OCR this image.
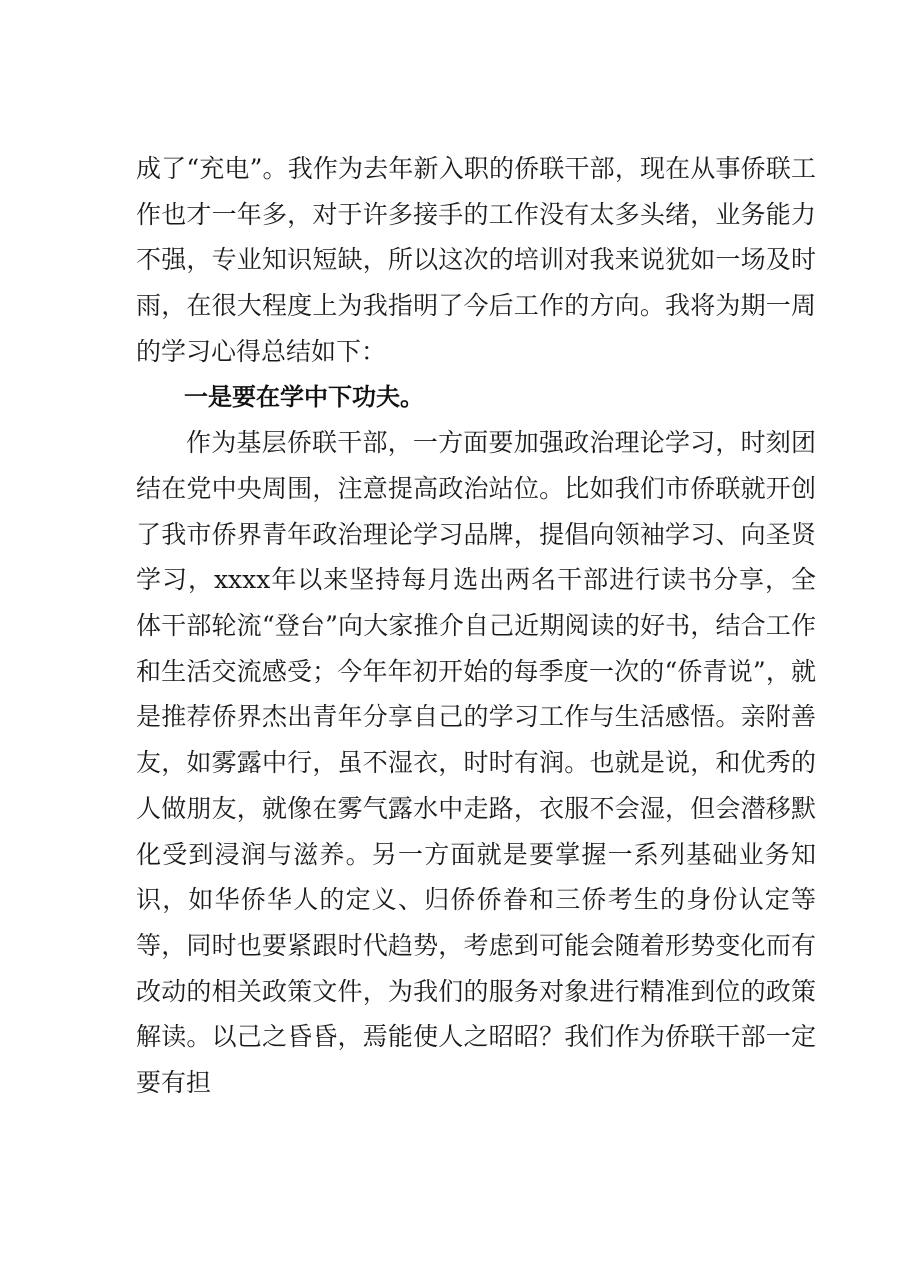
成了“充电”。我作为去年新入职的侨联干部，现在从事侨联工作也才一年多，对于许多接手的工作没有太多头绪，业务能力不强，专业知识短缺，所以这次的培训对我来说犹如一场及时雨，在很大程度上为我指明了今后工作的方向。我将为期一周的学习心得总结如下：

一是要在学中下功夫。

作为基层侨联干部，一方面要加强政治理论学习，时刻团结在党中央周围，注意提高政治站位。比如我们市侨联就开创了我市侨界青年政治理论学习品牌，提倡向领袖学习、向圣贤学习，xxxx年以来坚持每月选出两名干部进行读书分享，全体干部轮流“登台”向大家推介自己近期阅读的好书，结合工作和生活交流感受；今年年初开始的每季度一次的“侨青说”，就是推荐侨界杰出青年分享自己的学习工作与生活感悟。亲附善友，如雾露中行，虽不湿衣，时时有润。也就是说，和优秀的人做朋友，就像在雾气露水中走路，衣服不会湿，但会潜移默化受到浸润与滋养。另一方面就是要掌握一系列基础业务知识，如华侨华人的定义、归侨侨眷和三侨考生的身份认定等等，同时也要紧跟时代趋势，考虑到可能会随着形势变化而有改动的相关政策文件，为我们的服务对象进行精准到位的政策解读。以己之昏昏，焉能使人之昭昭？我们作为侨联干部一定要有担
